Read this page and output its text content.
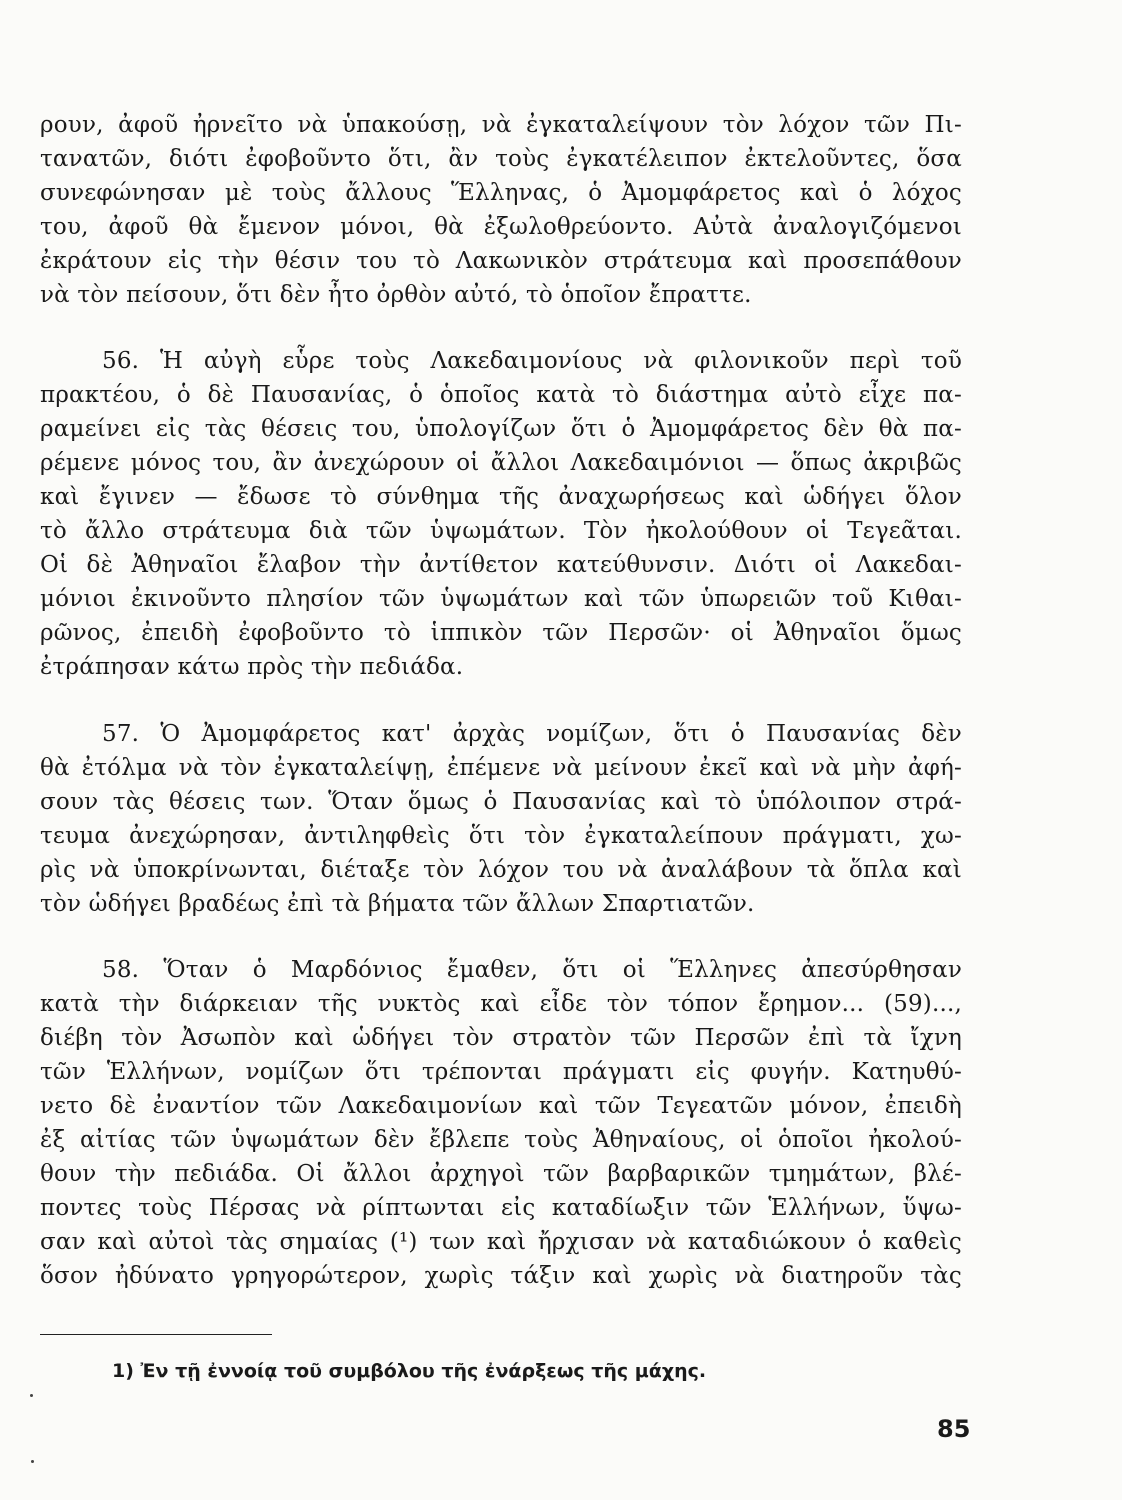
ρουν, ἀφοῦ ἠρνεῖτο νὰ ὑπακούσῃ, νὰ ἐγκαταλείψουν τὸν λόχον τῶν Πι-
τανατῶν, διότι ἐφοβοῦντο ὅτι, ἂν τοὺς ἐγκατέλειπον ἐκτελοῦντες, ὅσα
συνεφώνησαν μὲ τοὺς ἄλλους Ἕλληνας, ὁ Ἀμομφάρετος καὶ ὁ λόχος
του, ἀφοῦ θὰ ἔμενον μόνοι, θὰ ἐξωλοθρεύοντο. Αὐτὰ ἀναλογιζόμενοι
ἐκράτουν εἰς τὴν θέσιν του τὸ Λακωνικὸν στράτευμα καὶ προσεπάθουν
νὰ τὸν πείσουν, ὅτι δὲν ἦτο ὀρθὸν αὐτό, τὸ ὁποῖον ἔπραττε.
56. Ἡ αὐγὴ εὗρε τοὺς Λακεδαιμονίους νὰ φιλονικοῦν περὶ τοῦ
πρακτέου, ὁ δὲ Παυσανίας, ὁ ὁποῖος κατὰ τὸ διάστημα αὐτὸ εἶχε πα-
ραμείνει εἰς τὰς θέσεις του, ὑπολογίζων ὅτι ὁ Ἀμομφάρετος δὲν θὰ πα-
ρέμενε μόνος του, ἂν ἀνεχώρουν οἱ ἄλλοι Λακεδαιμόνιοι — ὅπως ἀκριβῶς
καὶ ἔγινεν — ἔδωσε τὸ σύνθημα τῆς ἀναχωρήσεως καὶ ὡδήγει ὅλον
τὸ ἄλλο στράτευμα διὰ τῶν ὑψωμάτων. Τὸν ἠκολούθουν οἱ Τεγεᾶται.
Οἱ δὲ Ἀθηναῖοι ἔλαβον τὴν ἀντίθετον κατεύθυνσιν. Διότι οἱ Λακεδαι-
μόνιοι ἐκινοῦντο πλησίον τῶν ὑψωμάτων καὶ τῶν ὑπωρειῶν τοῦ Κιθαι-
ρῶνος, ἐπειδὴ ἐφοβοῦντο τὸ ἱππικὸν τῶν Περσῶν· οἱ Ἀθηναῖοι ὅμως
ἐτράπησαν κάτω πρὸς τὴν πεδιάδα.
57. Ὁ Ἀμομφάρετος κατ' ἀρχὰς νομίζων, ὅτι ὁ Παυσανίας δὲν
θὰ ἐτόλμα νὰ τὸν ἐγκαταλείψῃ, ἐπέμενε νὰ μείνουν ἐκεῖ καὶ νὰ μὴν ἀφή-
σουν τὰς θέσεις των. Ὅταν ὅμως ὁ Παυσανίας καὶ τὸ ὑπόλοιπον στρά-
τευμα ἀνεχώρησαν, ἀντιληφθεὶς ὅτι τὸν ἐγκαταλείπουν πράγματι, χω-
ρὶς νὰ ὑποκρίνωνται, διέταξε τὸν λόχον του νὰ ἀναλάβουν τὰ ὅπλα καὶ
τὸν ὡδήγει βραδέως ἐπὶ τὰ βήματα τῶν ἄλλων Σπαρτιατῶν.
58. Ὅταν ὁ Μαρδόνιος ἔμαθεν, ὅτι οἱ Ἕλληνες ἀπεσύρθησαν
κατὰ τὴν διάρκειαν τῆς νυκτὸς καὶ εἶδε τὸν τόπον ἔρημον... (59)...,
διέβη τὸν Ἀσωπὸν καὶ ὡδήγει τὸν στρατὸν τῶν Περσῶν ἐπὶ τὰ ἴχνη
τῶν Ἑλλήνων, νομίζων ὅτι τρέπονται πράγματι εἰς φυγήν. Κατηυθύ-
νετο δὲ ἐναντίον τῶν Λακεδαιμονίων καὶ τῶν Τεγεατῶν μόνον, ἐπειδὴ
ἐξ αἰτίας τῶν ὑψωμάτων δὲν ἔβλεπε τοὺς Ἀθηναίους, οἱ ὁποῖοι ἠκολού-
θουν τὴν πεδιάδα. Οἱ ἄλλοι ἀρχηγοὶ τῶν βαρβαρικῶν τμημάτων, βλέ-
ποντες τοὺς Πέρσας νὰ ρίπτωνται εἰς καταδίωξιν τῶν Ἑλλήνων, ὕψω-
σαν καὶ αὐτοὶ τὰς σημαίας (¹) των καὶ ἤρχισαν νὰ καταδιώκουν ὁ καθεὶς
ὅσον ἠδύνατο γρηγορώτερον, χωρὶς τάξιν καὶ χωρὶς νὰ διατηροῦν τὰς
1) Ἐν τῇ ἐννοίᾳ τοῦ συμβόλου τῆς ἐνάρξεως τῆς μάχης.
85
